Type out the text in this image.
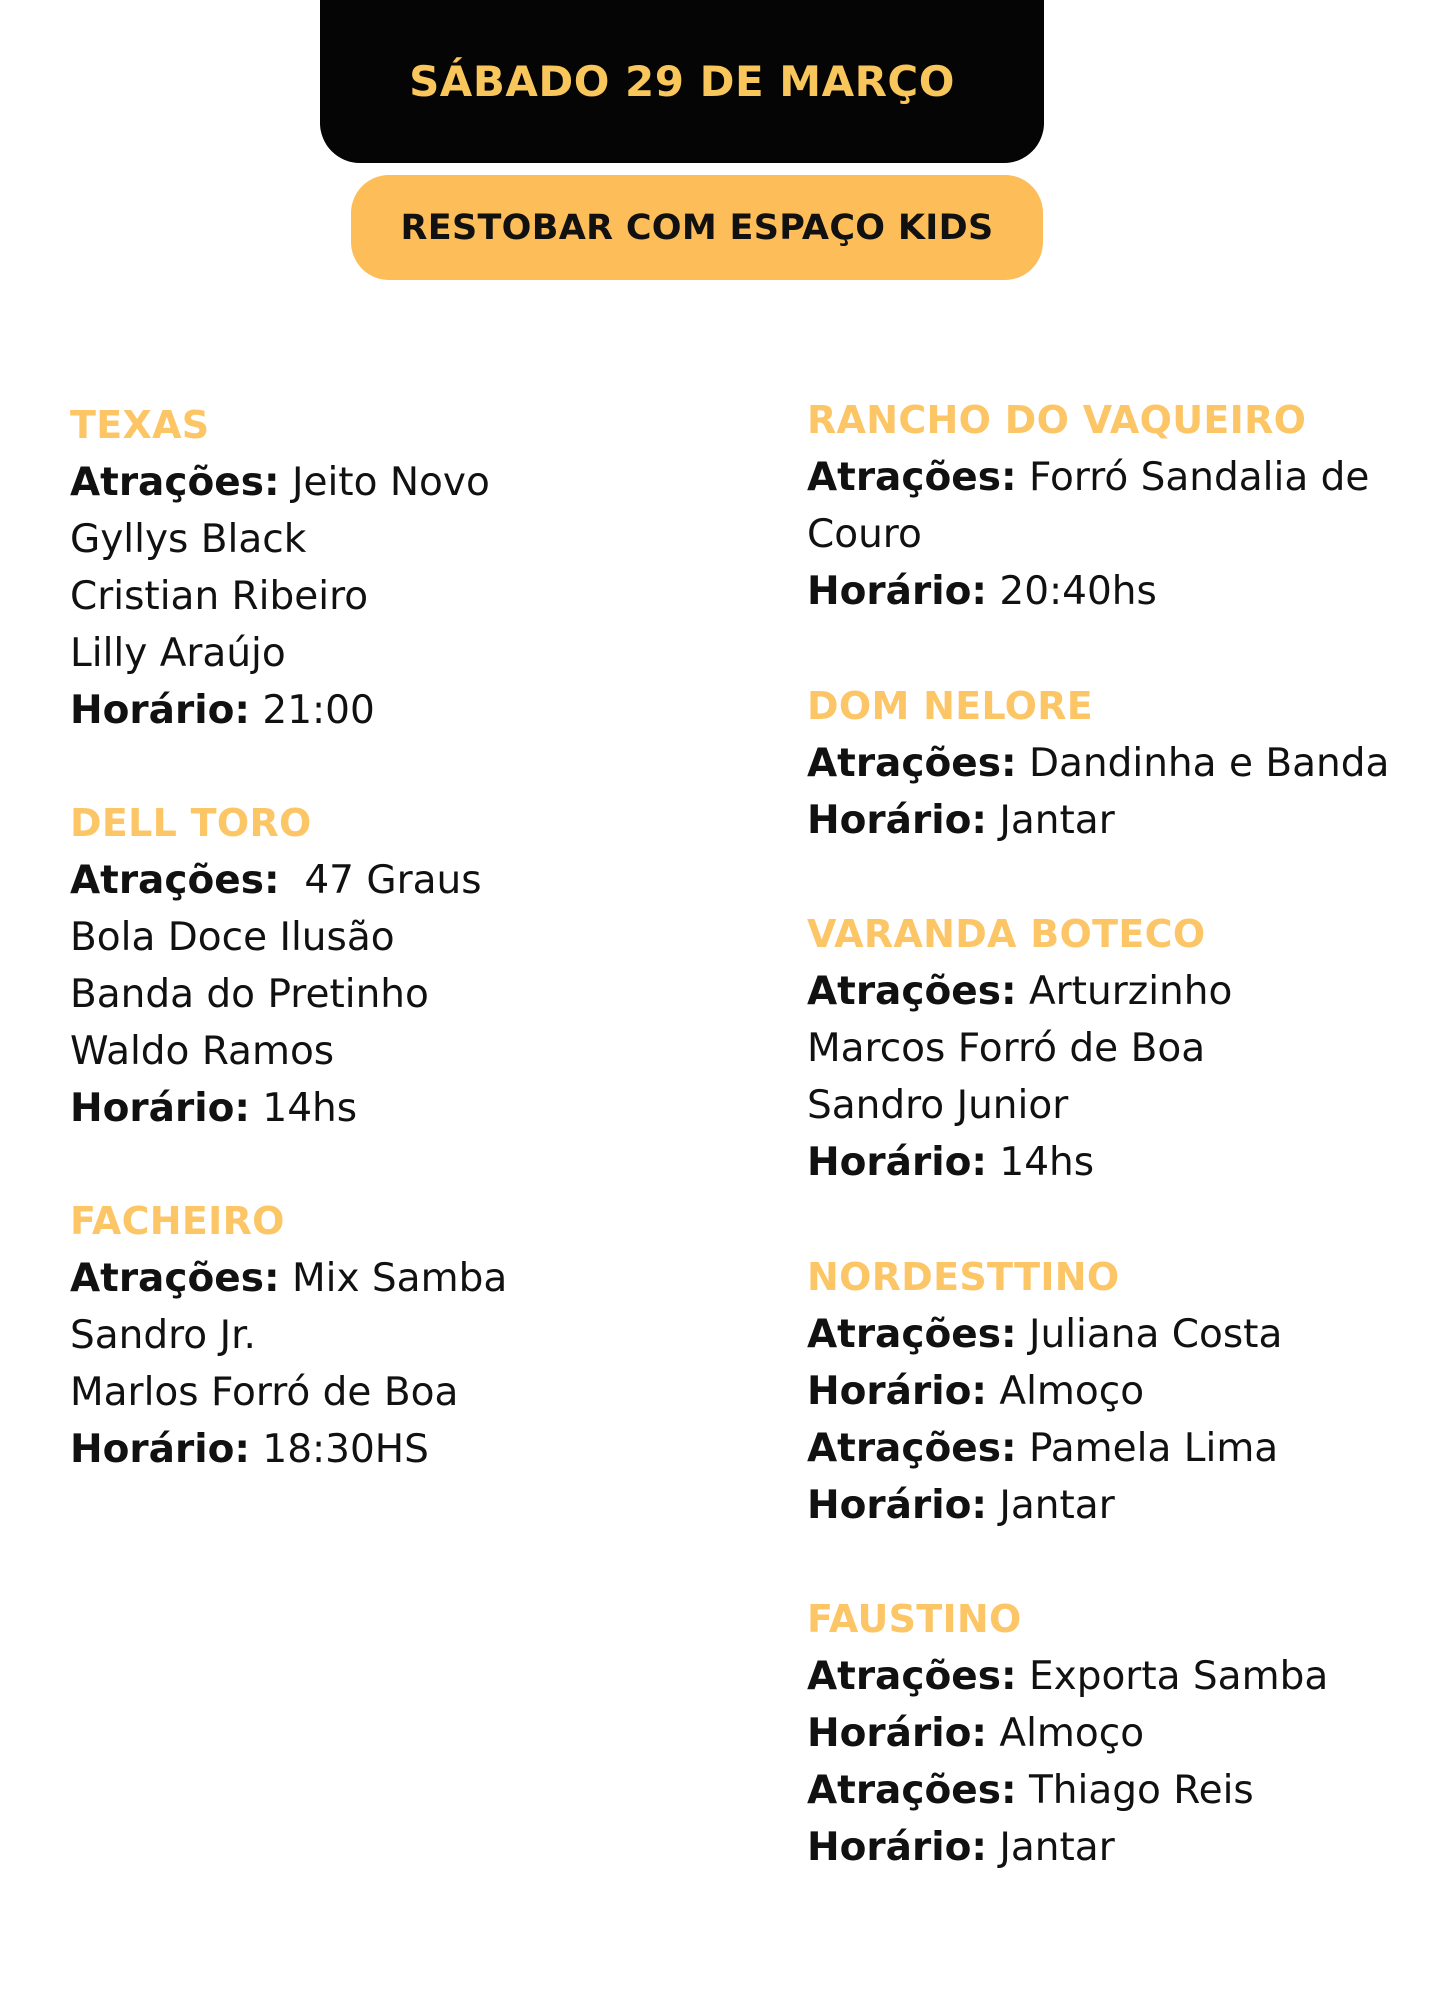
SÁBADO 29 DE MARÇO
RESTOBAR COM ESPAÇO KIDS
TEXAS
Atrações: Jeito Novo
Gyllys Black
Cristian Ribeiro
Lilly Araújo
Horário: 21:00
DELL TORO
Atrações:  47 Graus
Bola Doce Ilusão
Banda do Pretinho
Waldo Ramos
Horário: 14hs
FACHEIRO
Atrações: Mix Samba
Sandro Jr.
Marlos Forró de Boa
Horário: 18:30HS
RANCHO DO VAQUEIRO
Atrações: Forró Sandalia de
Couro
Horário: 20:40hs
DOM NELORE
Atrações: Dandinha e Banda
Horário: Jantar
VARANDA BOTECO
Atrações: Arturzinho
Marcos Forró de Boa
Sandro Junior
Horário: 14hs
NORDESTTINO
Atrações: Juliana Costa
Horário: Almoço
Atrações: Pamela Lima
Horário: Jantar
FAUSTINO
Atrações: Exporta Samba
Horário: Almoço
Atrações: Thiago Reis
Horário: Jantar
